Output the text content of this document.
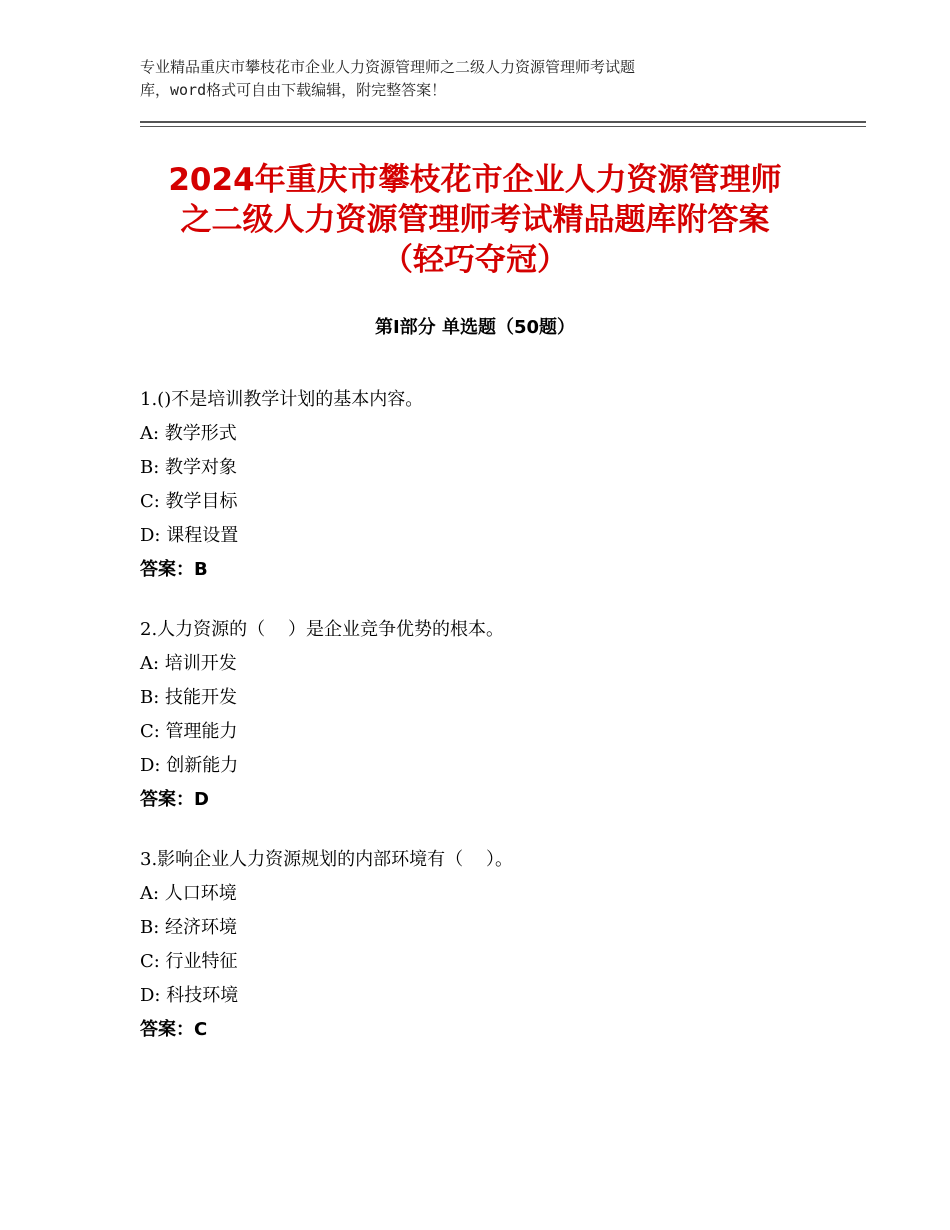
专业精品重庆市攀枝花市企业人力资源管理师之二级人力资源管理师考试题
库，word格式可自由下载编辑，附完整答案！
2024年重庆市攀枝花市企业人力资源管理师
之二级人力资源管理师考试精品题库附答案
（轻巧夺冠）
第Ⅰ部分 单选题（50题）
1.()不是培训教学计划的基本内容。
A: 教学形式
B: 教学对象
C: 教学目标
D: 课程设置
答案：B
2.人力资源的（    ）是企业竞争优势的根本。
A: 培训开发
B: 技能开发
C: 管理能力
D: 创新能力
答案：D
3.影响企业人力资源规划的内部环境有（    ）。
A: 人口环境
B: 经济环境
C: 行业特征
D: 科技环境
答案：C
